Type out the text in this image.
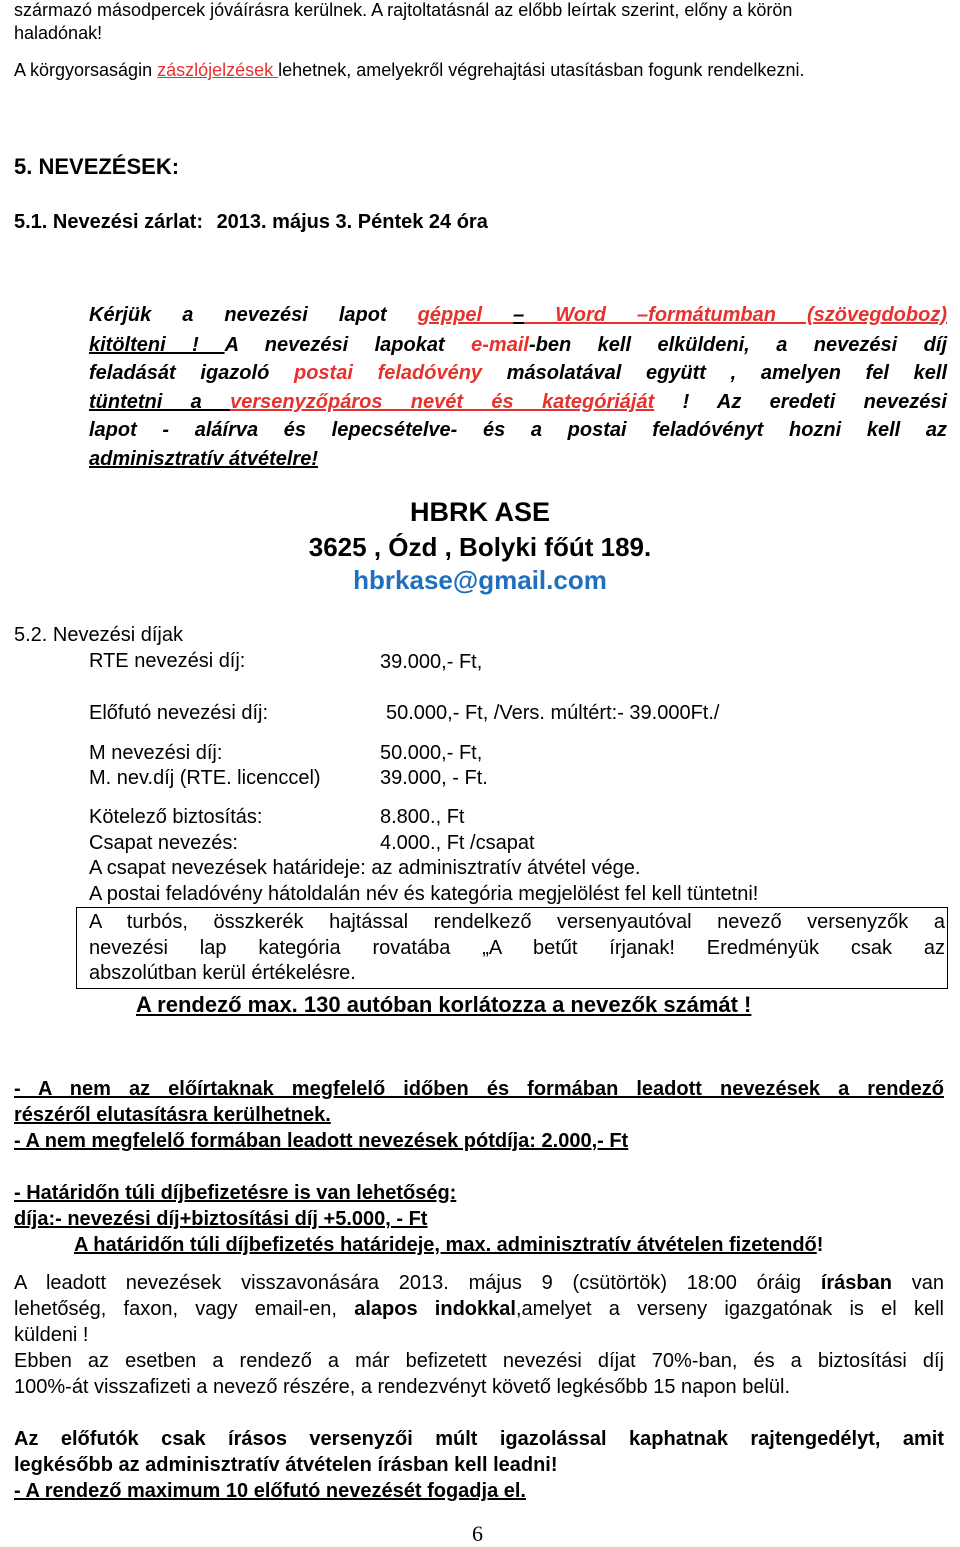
származó másodpercek jóváírásra kerülnek. A rajtoltatásnál az előbb leírtak szerint, előny a körön
haladónak!
A körgyorsaságin zászlójelzések lehetnek, amelyekről végrehajtási utasításban fogunk rendelkezni.
5. NEVEZÉSEK:
5.1. Nevezési zárlat: 2013. május 3. Péntek 24 óra
Kérjük a nevezési lapot géppel – Word –formátumban (szövegdoboz)
kitölteni ! A nevezési lapokat e-mail-ben kell elküldeni, a nevezési díj
feladását igazoló postai feladóvény másolatával együtt , amelyen fel kell
tüntetni a versenyzőpáros nevét és kategóriáját ! Az eredeti nevezési
lapot - aláírva és lepecsételve- és a postai feladóvényt hozni kell az
adminisztratív átvételre!
HBRK ASE
3625 , Ózd , Bolyki főút 189.
hbrkase@gmail.com
5.2. Nevezési díjak
RTE nevezési díj:	39.000,- Ft,
Előfutó nevezési díj:	50.000,- Ft, /Vers. múltért:- 39.000Ft./
M nevezési díj:	50.000,- Ft,
M. nev.díj (RTE. licenccel)	39.000, - Ft.
Kötelező biztosítás:	8.800., Ft
Csapat nevezés:	4.000., Ft /csapat
A csapat nevezések határideje: az adminisztratív átvétel vége.
A postai feladóvény hátoldalán név és kategória megjelölést fel kell tüntetni!
A turbós, összkerék hajtással rendelkező versenyautóval nevező versenyzők a
nevezési lap kategória rovatába „A betűt írjanak! Eredményük csak az
abszolútban kerül értékelésre.
A rendező max. 130 autóban korlátozza a nevezők számát !
- A nem az előírtaknak megfelelő időben és formában leadott nevezések a rendező
részéről elutasításra kerülhetnek.
- A nem megfelelő formában leadott nevezések pótdíja: 2.000,- Ft
- Határidőn túli díjbefizetésre is van lehetőség:
díja:- nevezési díj+biztosítási díj +5.000, - Ft
A határidőn túli díjbefizetés határideje, max. adminisztratív átvételen fizetendő!
A leadott nevezések visszavonására 2013. május 9 (csütörtök) 18:00 óráig írásban van
lehetőség, faxon, vagy email-en, alapos indokkal,amelyet a verseny igazgatónak is el kell
küldeni !
Ebben az esetben a rendező a már befizetett nevezési díjat 70%-ban, és a biztosítási díj
100%-át visszafizeti a nevező részére, a rendezvényt követő legkésőbb 15 napon belül.
Az előfutók csak írásos versenyzői múlt igazolással kaphatnak rajtengedélyt, amit
legkésőbb az adminisztratív átvételen írásban kell leadni!
- A rendező maximum 10 előfutó nevezését fogadja el.
6
